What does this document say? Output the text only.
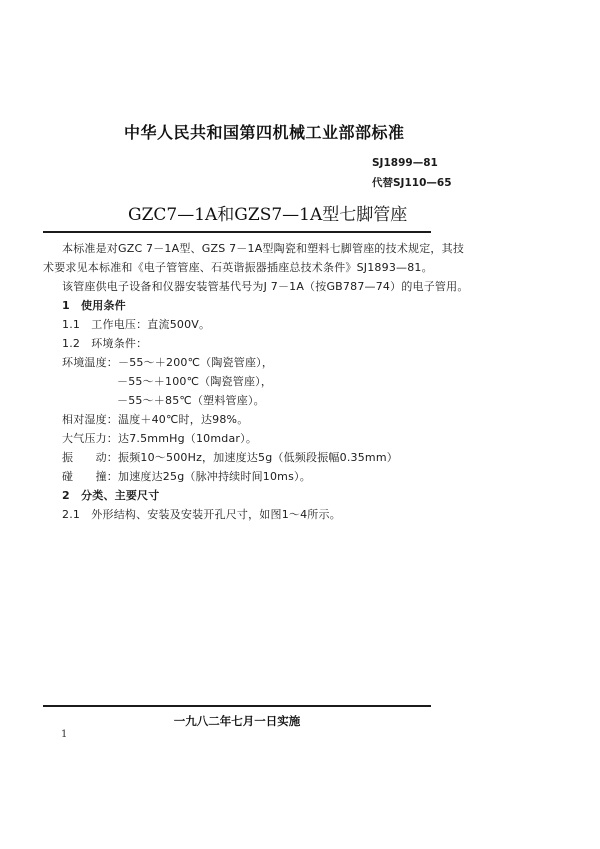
中华人民共和国第四机械工业部部标准
SJ1899—81
代替SJ110—65
GZC7—1A和GZS7—1A型七脚管座
本标准是对GZC 7－1A型、GZS 7－1A型陶瓷和塑料七脚管座的技术规定，其技
术要求见本标准和《电子管管座、石英谐振器插座总技术条件》SJ1893—81。
该管座供电子设备和仪器安装管基代号为J 7－1A（按GB787—74）的电子管用。
1　使用条件
1.1　工作电压：直流500V。
1.2　环境条件：
环境温度：－55～＋200℃（陶瓷管座），
－55～＋100℃（陶瓷管座），
－55～＋85℃（塑料管座）。
相对湿度：温度＋40℃时，达98%。
大气压力：达7.5mmHg（10mdar）。
振　　动：振频10～500Hz，加速度达5g（低频段振幅0.35mm）
碰　　撞：加速度达25g（脉冲持续时间10ms）。
2　分类、主要尺寸
2.1　外形结构、安装及安装开孔尺寸，如图1～4所示。
一九八二年七月一日实施
1
